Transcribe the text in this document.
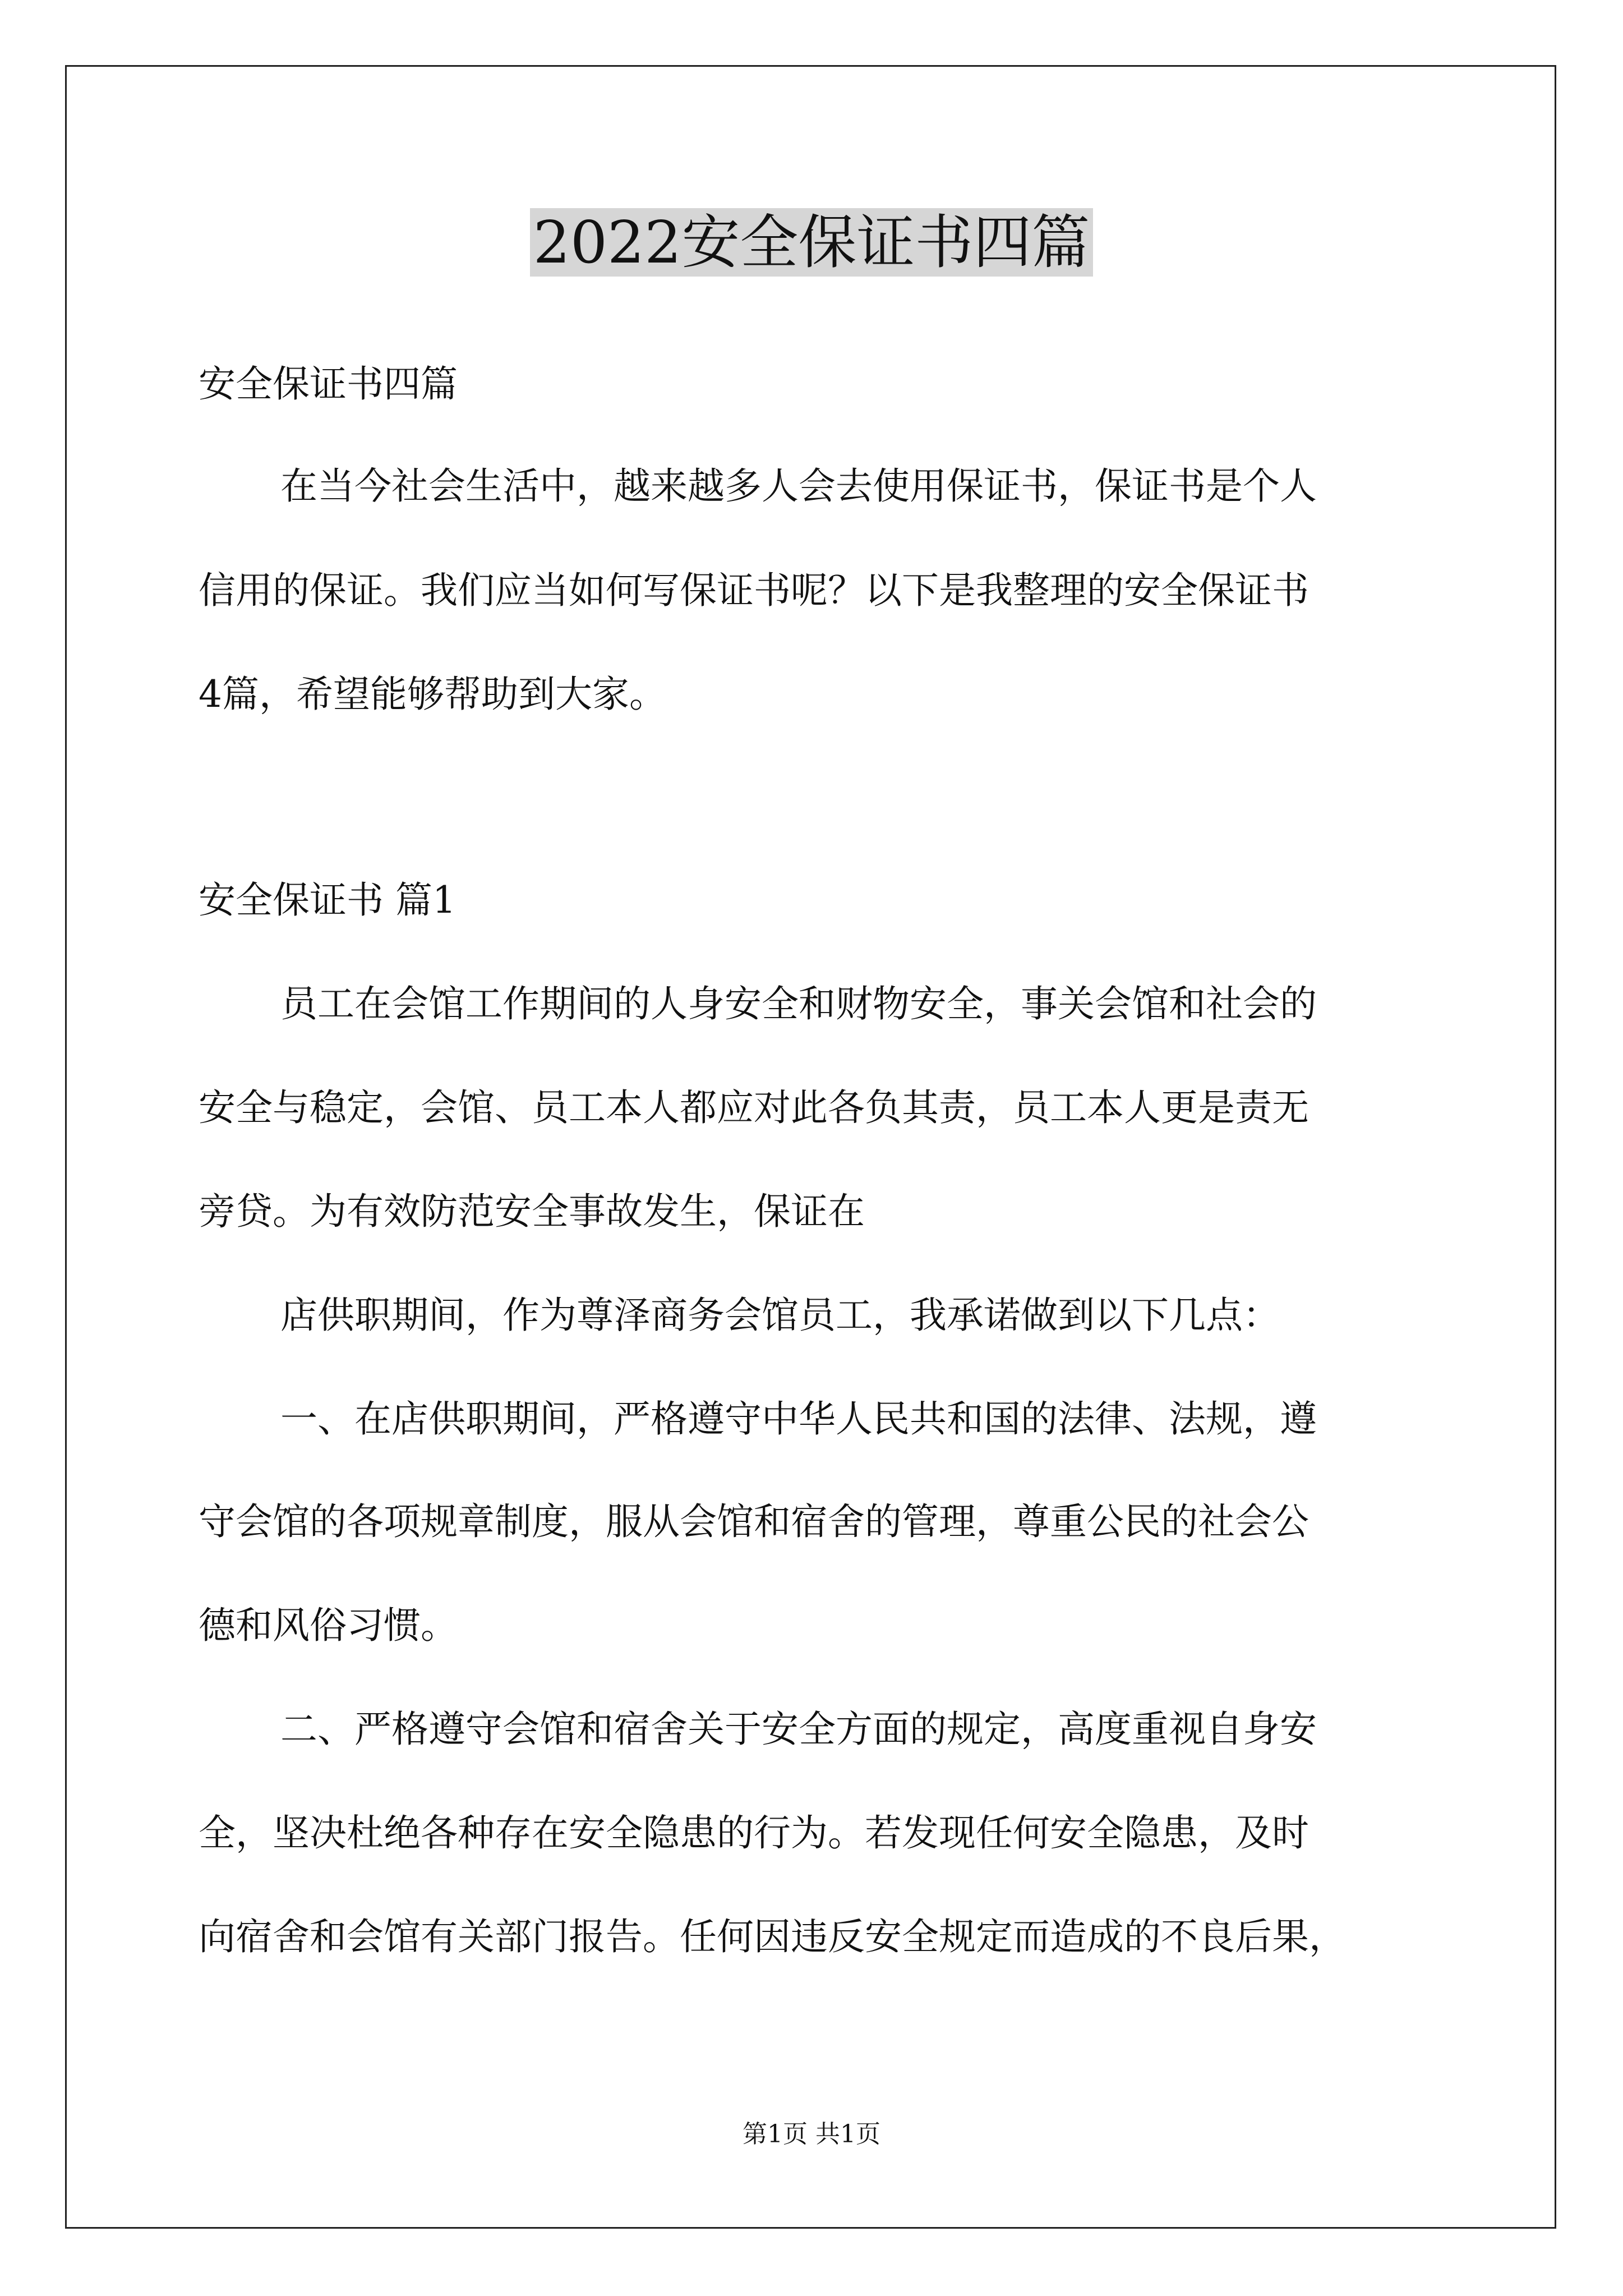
2022安全保证书四篇

安全保证书四篇

在当今社会生活中，越来越多人会去使用保证书，保证书是个人

信用的保证。我们应当如何写保证书呢？以下是我整理的安全保证书

4篇，希望能够帮助到大家。

安全保证书 篇1

员工在会馆工作期间的人身安全和财物安全，事关会馆和社会的

安全与稳定，会馆、员工本人都应对此各负其责，员工本人更是责无

旁贷。为有效防范安全事故发生，保证在

店供职期间，作为尊泽商务会馆员工，我承诺做到以下几点：

一、在店供职期间，严格遵守中华人民共和国的法律、法规，遵

守会馆的各项规章制度，服从会馆和宿舍的管理，尊重公民的社会公

德和风俗习惯。

二、严格遵守会馆和宿舍关于安全方面的规定，高度重视自身安

全，坚决杜绝各种存在安全隐患的行为。若发现任何安全隐患，及时

向宿舍和会馆有关部门报告。任何因违反安全规定而造成的不良后果，

第1页 共1页
